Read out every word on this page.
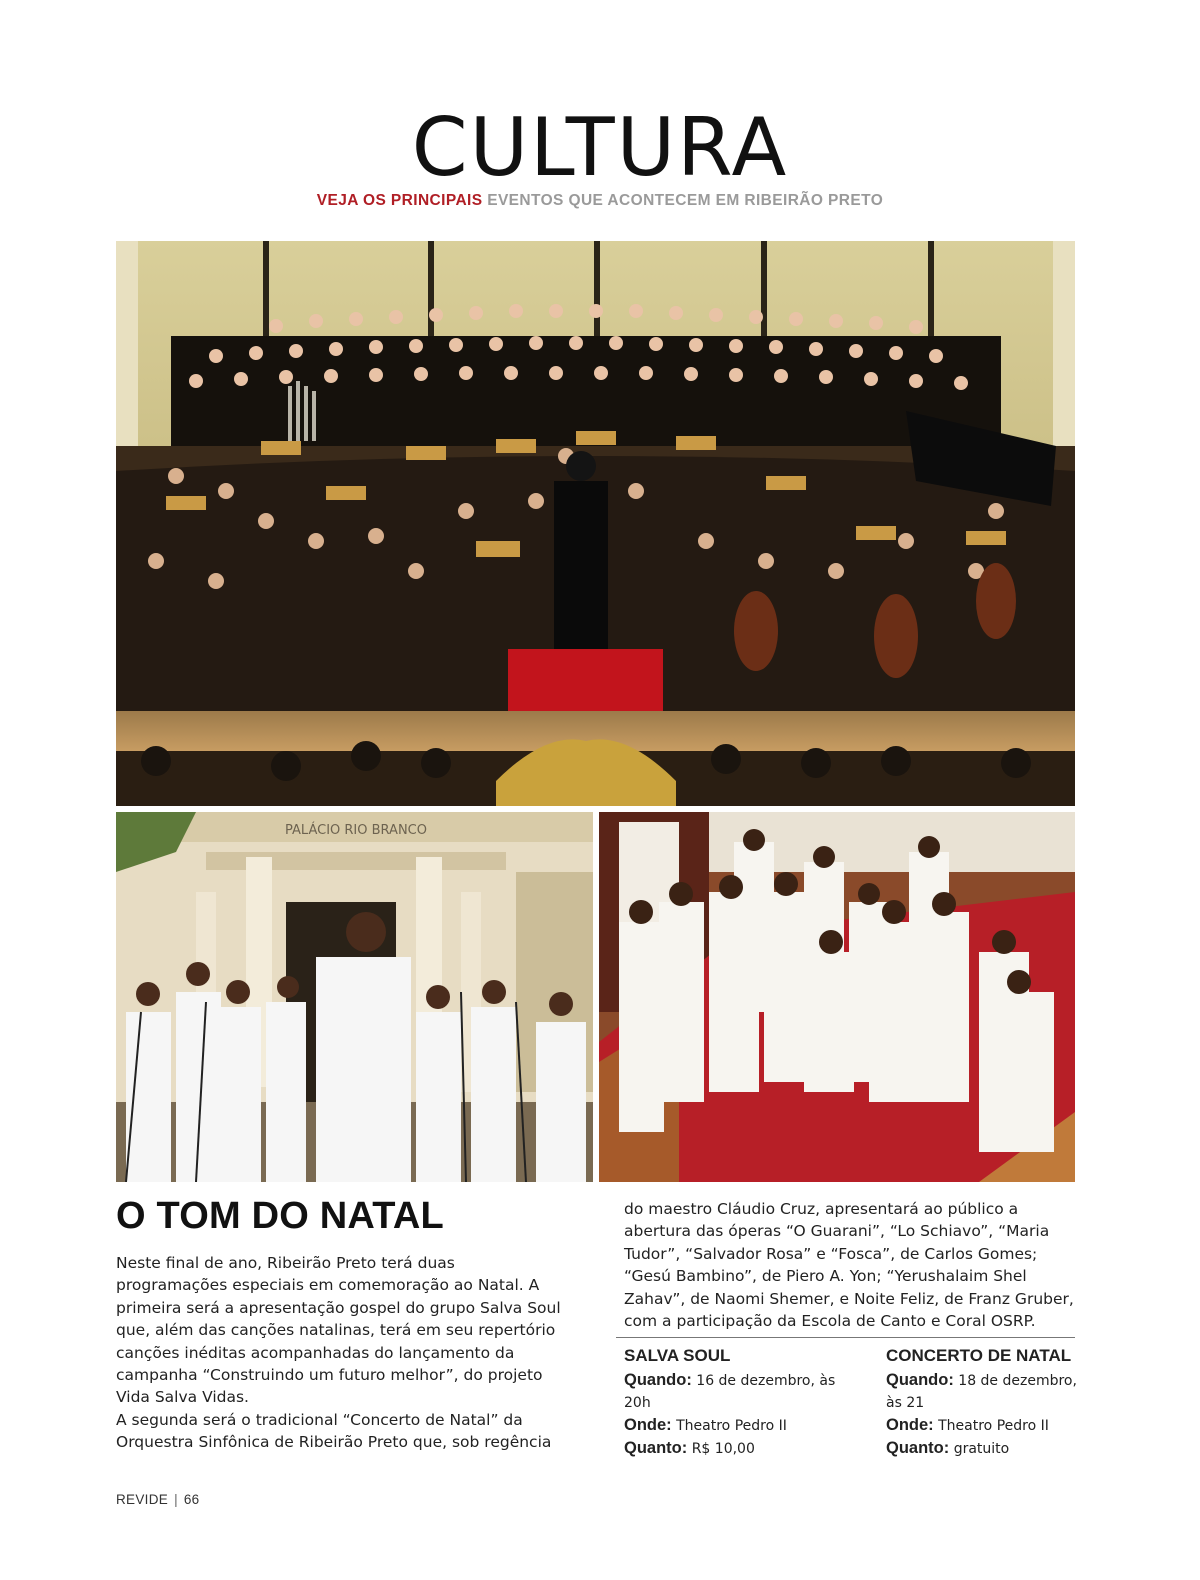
CULTURA
VEJA OS PRINCIPAIS EVENTOS QUE ACONTECEM EM RIBEIRÃO PRETO
PALÁCIO RIO BRANCO
O TOM DO NATAL

Neste final de ano, Ribeirão Preto terá duas programações especiais em comemoração ao Natal. A primeira será a apresentação gospel do grupo Salva Soul que, além das canções natalinas, terá em seu repertório canções inéditas acompanhadas do lançamento da campanha “Construindo um futuro melhor”, do projeto Vida Salva Vidas.

A segunda será o tradicional “Concerto de Natal” da Orquestra Sinfônica de Ribeirão Preto que, sob regência

do maestro Cláudio Cruz, apresentará ao público a abertura das óperas “O Guarani”, “Lo Schiavo”, “Maria Tudor”, “Salvador Rosa” e “Fosca”, de Carlos Gomes; “Gesú Bambino”, de Piero A. Yon; “Yerushalaim Shel Zahav”, de Naomi Shemer, e Noite Feliz, de Franz Gruber, com a participação da Escola de Canto e Coral OSRP.

SALVA SOUL
Quando: 16 de dezembro, às 20h
Onde: Theatro Pedro II
Quanto: R$ 10,00
CONCERTO DE NATAL
Quando: 18 de dezembro, às 21
Onde: Theatro Pedro II
Quanto: gratuito
REVIDE | 66
